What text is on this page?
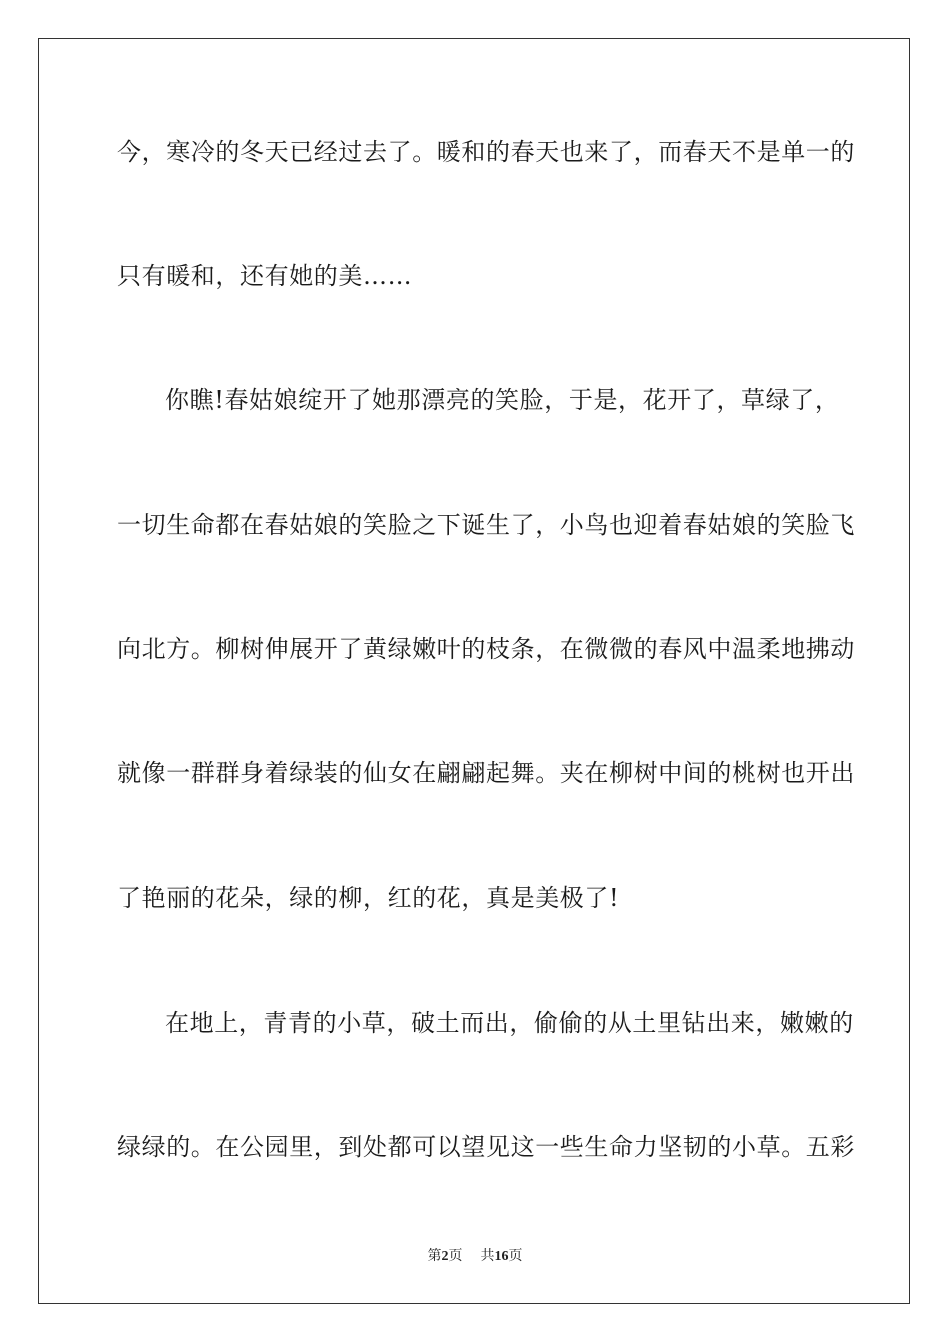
今，寒冷的冬天已经过去了。暖和的春天也来了，而春天不是单一的
只有暖和，还有她的美……
你瞧!春姑娘绽开了她那漂亮的笑脸，于是，花开了，草绿了，
一切生命都在春姑娘的笑脸之下诞生了，小鸟也迎着春姑娘的笑脸飞
向北方。柳树伸展开了黄绿嫩叶的枝条，在微微的春风中温柔地拂动
就像一群群身着绿装的仙女在翩翩起舞。夹在柳树中间的桃树也开出
了艳丽的花朵，绿的柳，红的花，真是美极了!
在地上，青青的小草，破土而出，偷偷的从土里钻出来，嫩嫩的
绿绿的。在公园里，到处都可以望见这一些生命力坚韧的小草。五彩
第2页 共16页
